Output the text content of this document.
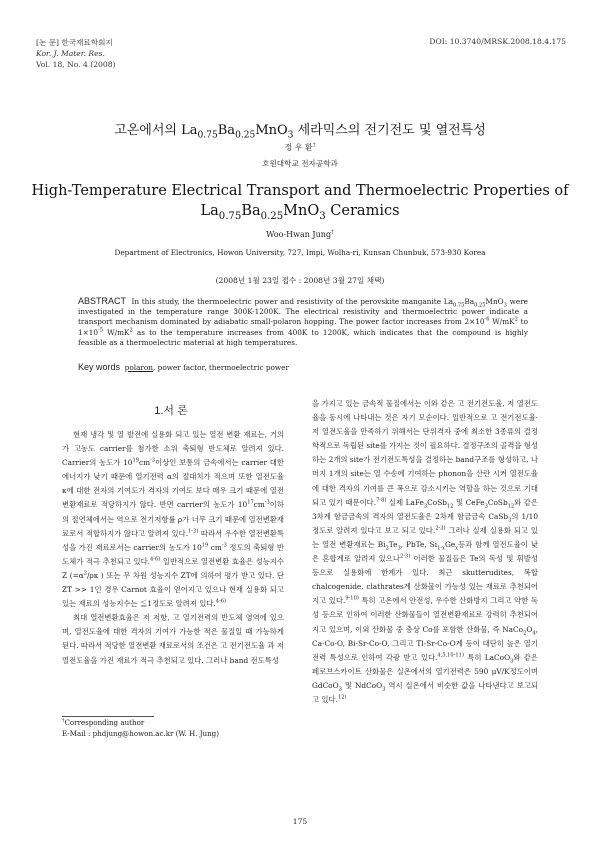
[논 문] 한국재료학회지
Kor. J. Mater. Res.
Vol. 18, No. 4 (2008)
DOI: 10.3740/MRSK.2008.18.4.175
고온에서의 $La_{0.75}Ba_{0.25}MnO_3$ 세라믹스의 전기전도 및 열전특성
정 우 환†
호원대학교 전자공학과
High-Temperature Electrical Transport and Thermoelectric Properties of
$La_{0.75}Ba_{0.25}MnO_3$ Ceramics
Woo-Hwan Jung†
Department of Electronics, Howon University, 727, Impi, Wolha-ri, Kunsan Chunbuk, 573-930 Korea
(2008년 1월 23일 접수 : 2008년 3월 27일 채택)
ABSTRACT In this study, the thermoelectric power and resistivity of the perovskite manganite $La_{0.75}Ba_{0.25}MnO_3$ were investigated in the temperature range 300K-1200K. The electrical resistivity and thermoelectric power indicate a transport mechanism dominated by adiabatic small-polaron hopping. The power factor increases from $2\times 10^{-6}$ $W/mK^2$ to $1\times 10^{-5}$ $W/mK^2$ as to the temperature increases from 400K to 1200K, which indicates that the compound is highly feasible as a thermoelectric material at high temperatures.
Key words polaron, power factor, thermoelectric power
1.서 론

현재 냉각 및 열 발전에 실용화 되고 있는 열전 변환 재료는, 거의가 고농도 carrier를 첨가한 소위 축퇴형 반도체로 알려져 있다. Carrier의 농도가 $10^{19}cm^{-3}$이상인 보통의 금속에서는 carrier 대한 에너지가 낮기 때문에 열기전력 α의 절대치가 적으며 또한 열전도율 κ에 대한 전자의 기여도가 격자의 기여도 보다 매우 크기 때문에 열전변환재료로 적당하지가 않다. 반면 carrier의 농도가 $10^{17}cm^{-3}$이하의 절연체에서는 역으로 전기저항률 ρ가 너무 크기 때문에 열전변환재료로서 적합하지가 않다고 알려져 있다.$^{1-3)}$ 따라서 우수한 열전변환특성을 가진 재료로서는 carrier의 농도가 $10^{19}$ $cm^{-3}$ 정도의 축퇴형 반도체가 적극 추천되고 있다.$^{4-6)}$ 일반적으로 열전변환 효율은 성능지수 Z ($=\alpha^2/\rho\kappa$ ) 또는 무 차원 성능지수 ZT에 의하여 평가 받고 있다. 단 ZT >> 1인 경우 Carnot 효율이 얻어지고 있으나 현재 실용화 되고 있는 재료의 성능지수는 ≦1정도로 알려져 있다.$^{4-6)}$

최대 열전변환효율은 저 저항, 고 열기전력의 반도체 영역에 있으며, 열전도율에 대한 격자의 기여가 가능한 적은 물질일 때 가능하게 된다. 따라서 적당한 열전변환 재료로서의 조건은 고 전기전도율 과 저 열전도율을 가진 재료가 적극 추천되고 있다. 그러나 band 전도특성

을 가지고 있는 금속적 물질에서는 이와 같은 고 전기전도율, 저 열전도율을 동시에 나타내는 것은 자기 모순이다. 일반적으로 고 전기전도율·저 열전도율을 만족하기 위해서는 단위격자 중에 최소한 3종류의 결정학적으로 독립된 site를 가지는 것이 필요하다. 결정구조의 골격을 형성하는 2개의 site가 전기전도특성을 결정하는 band구조를 형성하고, 나머지 1개의 site는 열 수송에 기여하는 phonon을 산란 시켜 열전도율에 대한 격자의 기여를 큰 폭으로 감소시키는 역할을 하는 것으로 기대되고 있기 때문이다.$^{7-8)}$ 실제 LaFe$_3$CoSb$_{12}$ 및 CeFe$_3$CoSb$_{12}$와 같은 3차계 함금금속의 격자의 열전도율은 2차계 함금금속 CaSb$_3$의 1/10정도로 알려져 있다고 보고 되고 있다.$^{2-3)}$ 그러나 실제 실용화 되고 있는 열전 변환재료는 $Bi_2Te_3$, PbTe, $Si_{1-x}Ge_x$등과 함께 열전도율이 낮은 혼합계로 알려져 있으나$^{2-3)}$ 이러한 물질들은 Te의 독성 및 휘발성 등으로 실용화에 한계가 있다. 최근 skutterudites, 복합 chalcogenide, clathrates계 산화물이 가능성 있는 재료로 추천되어 지고 있다.$^{9-10)}$ 특히 고온에서 안전성, 우수한 산화방지 그리고 약한 독성 등으로 인하여 이러한 산화물들이 열전변환재료로 강력히 추천되어지고 있으며, 이외 산화물 중 층상 Co를 포함한 산화물, 즉 $NaCo_2O_4$, Ca-Co-O, Bi-Sr-Co-O, 그리고 Tl-Sr-Co-O계 등이 대단히 높은 열기전력 특성으로 인하여 각광 받고 있다.$^{4,5,10-11)}$ 특히 LaCoO$_3$와 같은 페로브스카이트 산화물은 실온에서의 열기전력은 590 μV/K정도이며 GdCoO$_3$ 및 NdCoO$_3$ 역시 실온에서 비슷한 값을 나타낸다고 보고되고 있다.$^{12)}$

†Corresponding author
E-Mail : phdjung@howon.ac.kr (W. H. Jung)
175
